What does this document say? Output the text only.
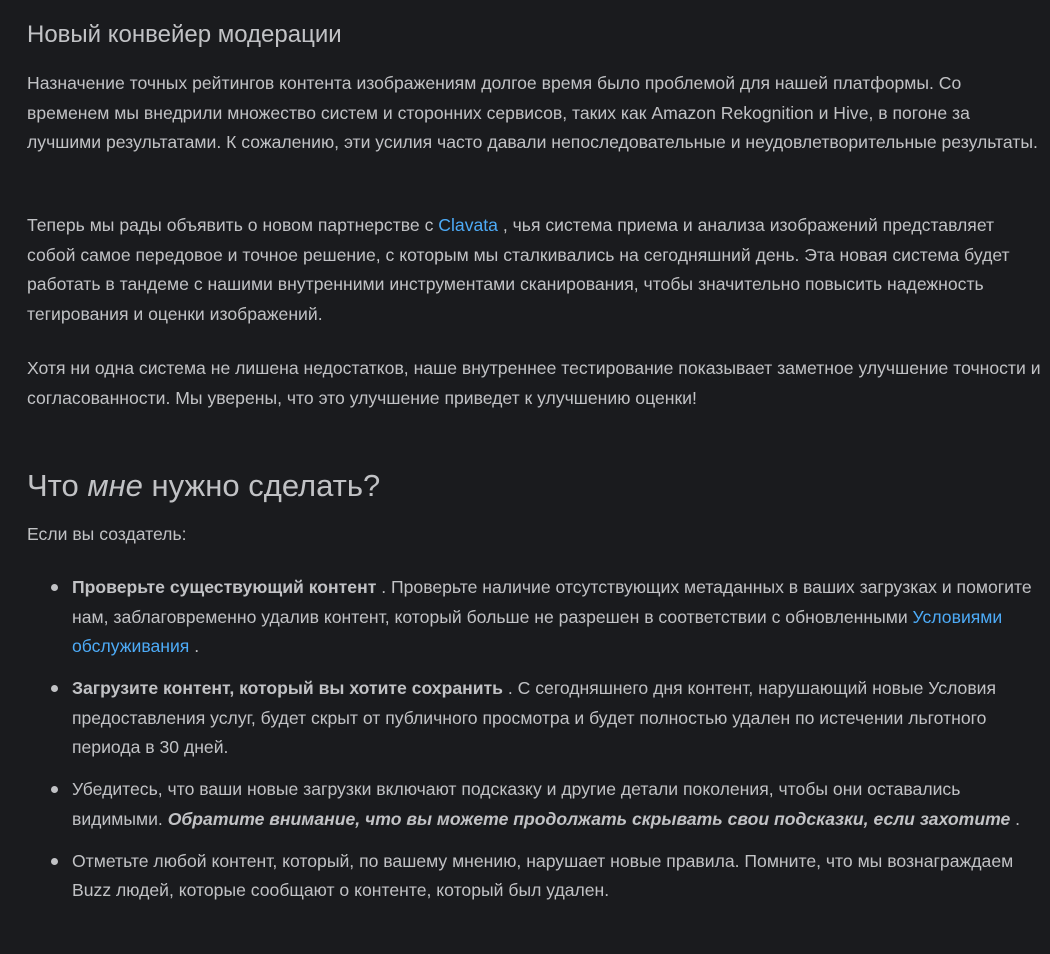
Новый конвейер модерации

Назначение точных рейтингов контента изображениям долгое время было проблемой для нашей платформы. Со временем мы внедрили множество систем и сторонних сервисов, таких как Amazon Rekognition и Hive, в погоне за лучшими результатами. К сожалению, эти усилия часто давали непоследовательные и неудовлетворительные результаты.

Теперь мы рады объявить о новом партнерстве с Clavata , чья система приема и анализа изображений представляет собой самое передовое и точное решение, с которым мы сталкивались на сегодняшний день. Эта новая система будет работать в тандеме с нашими внутренними инструментами сканирования, чтобы значительно повысить надежность тегирования и оценки изображений.

Хотя ни одна система не лишена недостатков, наше внутреннее тестирование показывает заметное улучшение точности и согласованности. Мы уверены, что это улучшение приведет к улучшению оценки!

Что мне нужно сделать?

Если вы создатель:

Проверьте существующий контент . Проверьте наличие отсутствующих метаданных в ваших загрузках и помогите нам, заблаговременно удалив контент, который больше не разрешен в соответствии с обновленными Условиями обслуживания .
Загрузите контент, который вы хотите сохранить . С сегодняшнего дня контент, нарушающий новые Условия предоставления услуг, будет скрыт от публичного просмотра и будет полностью удален по истечении льготного периода в 30 дней.
Убедитесь, что ваши новые загрузки включают подсказку и другие детали поколения, чтобы они оставались видимыми. Обратите внимание, что вы можете продолжать скрывать свои подсказки, если захотите .
Отметьте любой контент, который, по вашему мнению, нарушает новые правила. Помните, что мы вознаграждаем Buzz людей, которые сообщают о контенте, который был удален.
